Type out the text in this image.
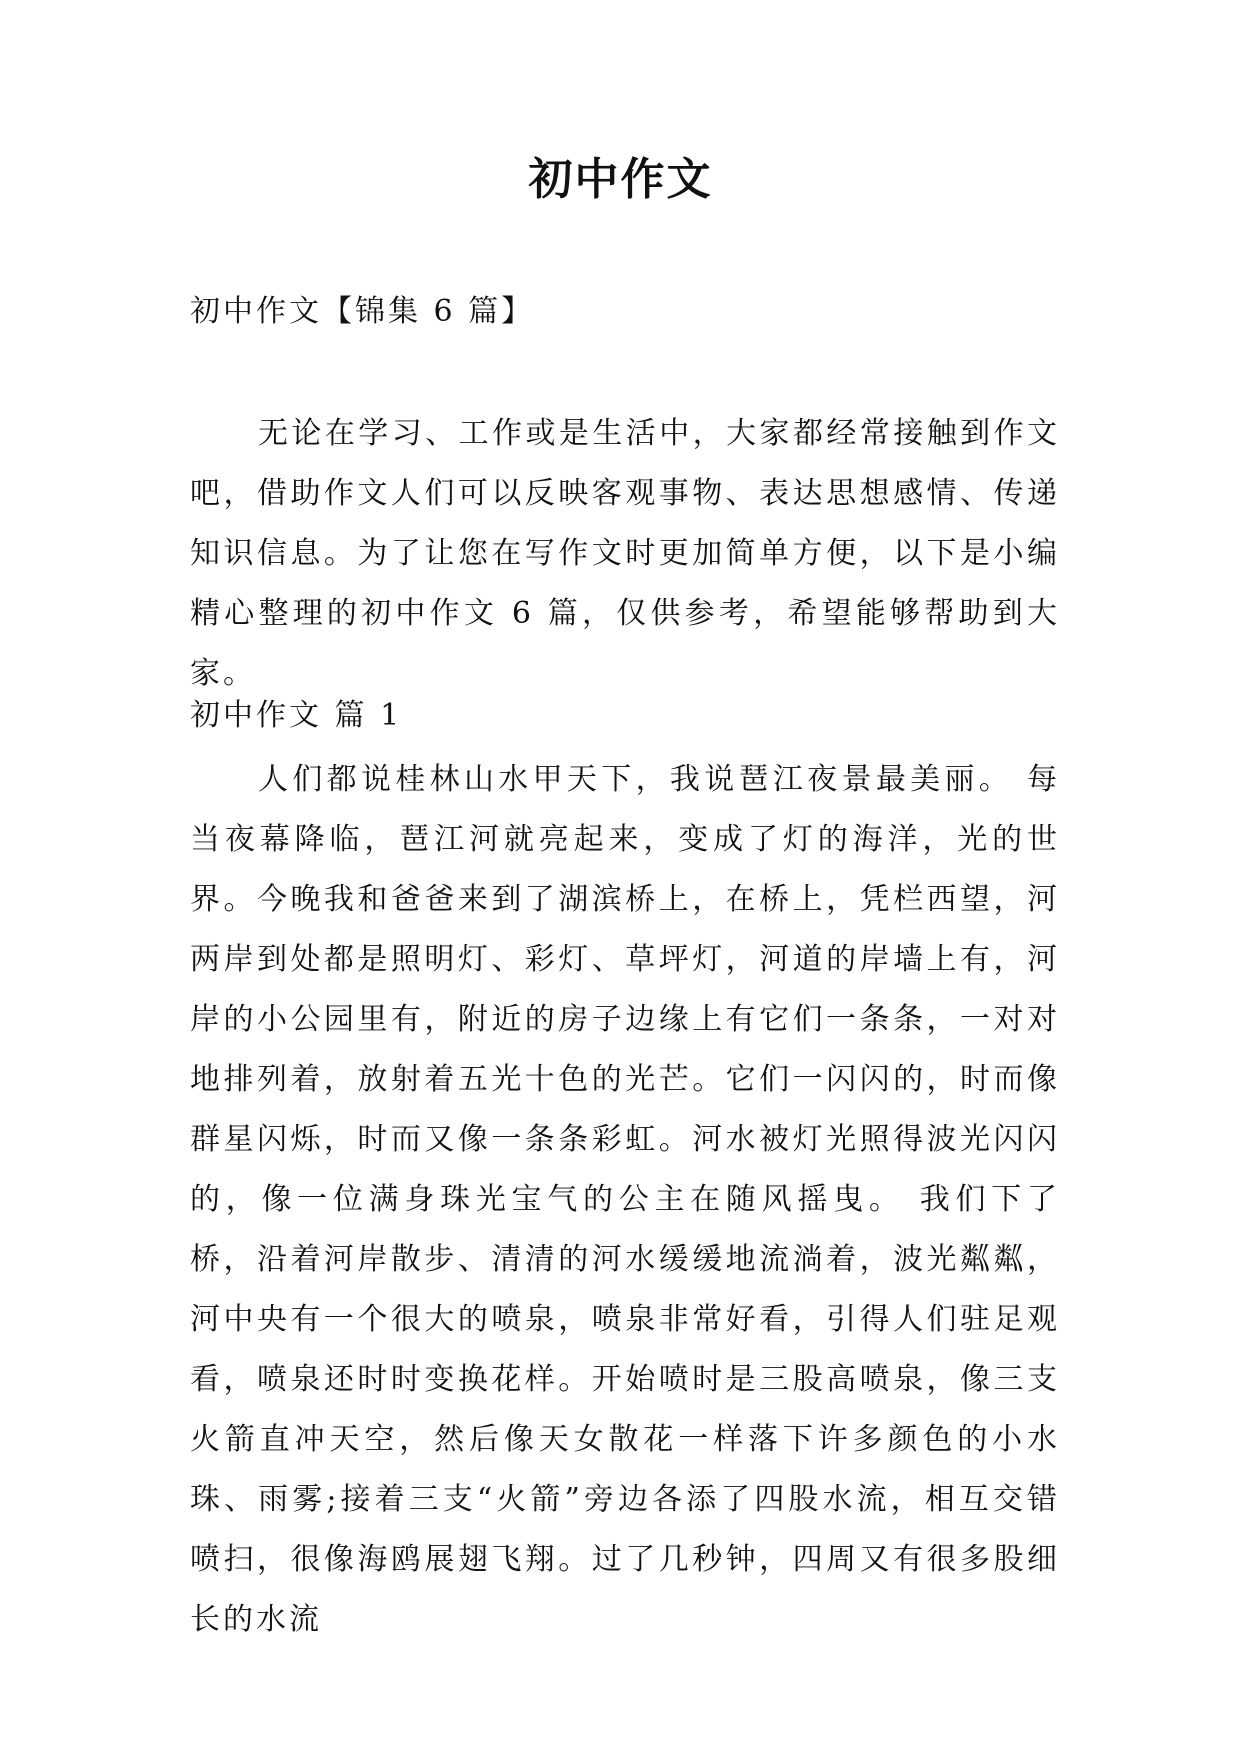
初中作文
初中作文【锦集 6 篇】

无论在学习、工作或是生活中，大家都经常接触到作文吧，借助作文人们可以反映客观事物、表达思想感情、传递知识信息。为了让您在写作文时更加简单方便，以下是小编精心整理的初中作文 6 篇，仅供参考，希望能够帮助到大家。

初中作文 篇 1

人们都说桂林山水甲天下，我说琶江夜景最美丽。 每当夜幕降临，琶江河就亮起来，变成了灯的海洋，光的世界。今晚我和爸爸来到了湖滨桥上，在桥上，凭栏西望，河两岸到处都是照明灯、彩灯、草坪灯，河道的岸墙上有，河岸的小公园里有，附近的房子边缘上有它们一条条，一对对地排列着，放射着五光十色的光芒。它们一闪闪的，时而像群星闪烁，时而又像一条条彩虹。河水被灯光照得波光闪闪的，像一位满身珠光宝气的公主在随风摇曳。 我们下了桥，沿着河岸散步、清清的河水缓缓地流淌着，波光粼粼，河中央有一个很大的喷泉，喷泉非常好看，引得人们驻足观看，喷泉还时时变换花样。开始喷时是三股高喷泉，像三支火箭直冲天空，然后像天女散花一样落下许多颜色的小水珠、雨雾;接着三支“火箭”旁边各添了四股水流，相互交错喷扫，很像海鸥展翅飞翔。过了几秒钟，四周又有很多股细长的水流
